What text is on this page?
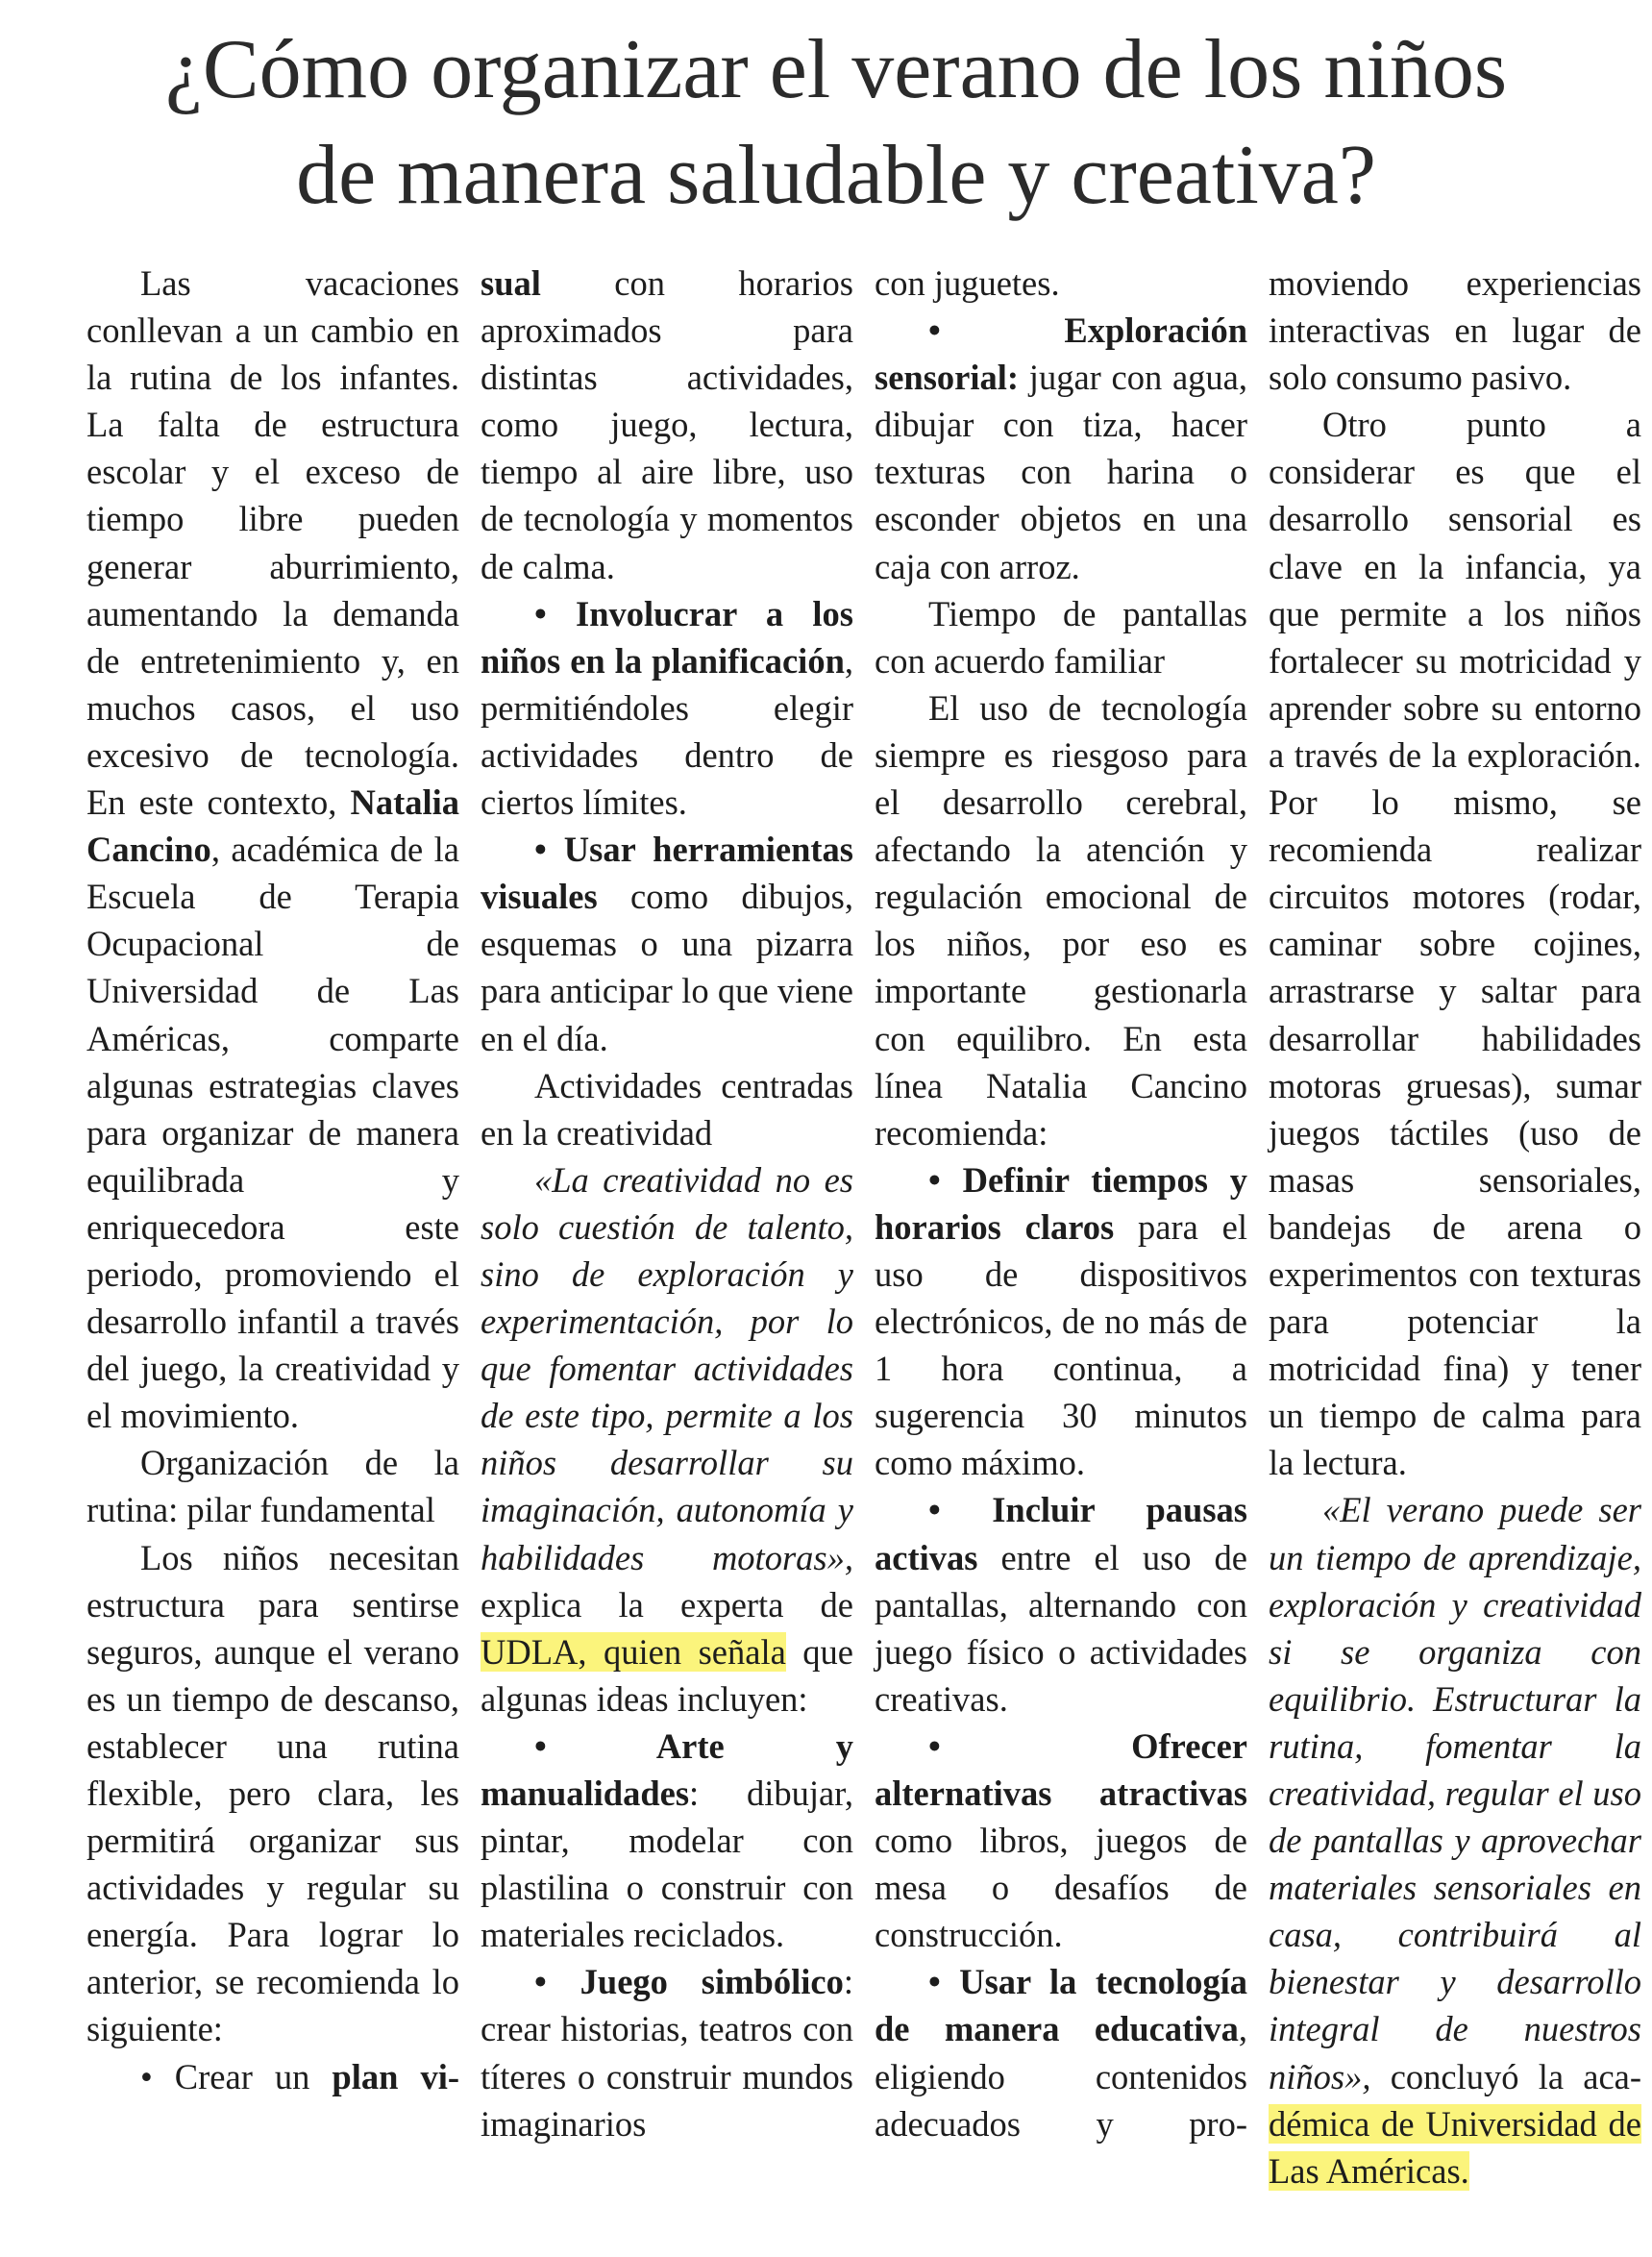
¿Cómo organizar el verano de los niños
de manera saludable y creativa?

Las vacaciones conllevan a un cambio en la rutina de los infantes. La falta de estructura escolar y el exceso de tiempo libre pueden generar aburrimiento, aumentando la demanda de entretenimiento y, en muchos casos, el uso excesivo de tecnología. En este contexto, Natalia Cancino, académica de la Escuela de Terapia Ocupacional de Universidad de Las Américas, comparte algunas estrategias claves para organizar de manera equilibrada y enriquecedora este periodo, promoviendo el desarrollo infantil a través del juego, la creatividad y el movimiento.

Organización de la rutina: pilar fundamental

Los niños necesitan estructura para sentirse seguros, aunque el verano es un tiempo de descanso, establecer una rutina flexible, pero clara, les permitirá organizar sus actividades y regular su energía. Para lograr lo anterior, se recomienda lo siguiente:

• Crear un plan vi-

sual con horarios aproximados para distintas actividades, como juego, lectura, tiempo al aire libre, uso de tecnología y momentos de calma.

• Involucrar a los niños en la planificación, permitiéndoles elegir actividades dentro de ciertos límites.

• Usar herramientas visuales como dibujos, esquemas o una pizarra para anticipar lo que viene en el día.

Actividades centradas en la creatividad

«La creatividad no es solo cuestión de talento, sino de exploración y experimentación, por lo que fomentar actividades de este tipo, permite a los niños desarrollar su imaginación, autonomía y habilidades motoras», explica la experta de UDLA, quien señala que algunas ideas incluyen:

• Arte y manualidades: dibujar, pintar, modelar con plastilina o construir con materiales reciclados.

• Juego simbólico: crear historias, teatros con títeres o construir mundos imaginarios

con juguetes.

• Exploración sensorial: jugar con agua, dibujar con tiza, hacer texturas con harina o esconder objetos en una caja con arroz.

Tiempo de pantallas con acuerdo familiar

El uso de tecnología siempre es riesgoso para el desarrollo cerebral, afectando la atención y regulación emocional de los niños, por eso es importante gestionarla con equilibro. En esta línea Natalia Cancino recomienda:

• Definir tiempos y horarios claros para el uso de dispositivos electrónicos, de no más de 1 hora continua, a sugerencia 30 minutos como máximo.

• Incluir pausas activas entre el uso de pantallas, alternando con juego físico o actividades creativas.

• Ofrecer alternativas atractivas como libros, juegos de mesa o desafíos de construcción.

• Usar la tecnología de manera educativa, eligiendo contenidos adecuados y pro-

moviendo experiencias interactivas en lugar de solo consumo pasivo.

Otro punto a considerar es que el desarrollo sensorial es clave en la infancia, ya que permite a los niños fortalecer su motricidad y aprender sobre su entorno a través de la exploración. Por lo mismo, se recomienda realizar circuitos motores (rodar, caminar sobre cojines, arrastrarse y saltar para desarrollar habilidades motoras gruesas), sumar juegos táctiles (uso de masas sensoriales, bandejas de arena o experimentos con texturas para potenciar la motricidad fina) y tener un tiempo de calma para la lectura.

«El verano puede ser un tiempo de aprendizaje, exploración y creatividad si se organiza con equilibrio. Estructurar la rutina, fomentar la creatividad, regular el uso de pantallas y aprovechar materiales sensoriales en casa, contribuirá al bienestar y desarrollo integral de nuestros niños», concluyó la aca- démica de Universidad de Las Américas.
